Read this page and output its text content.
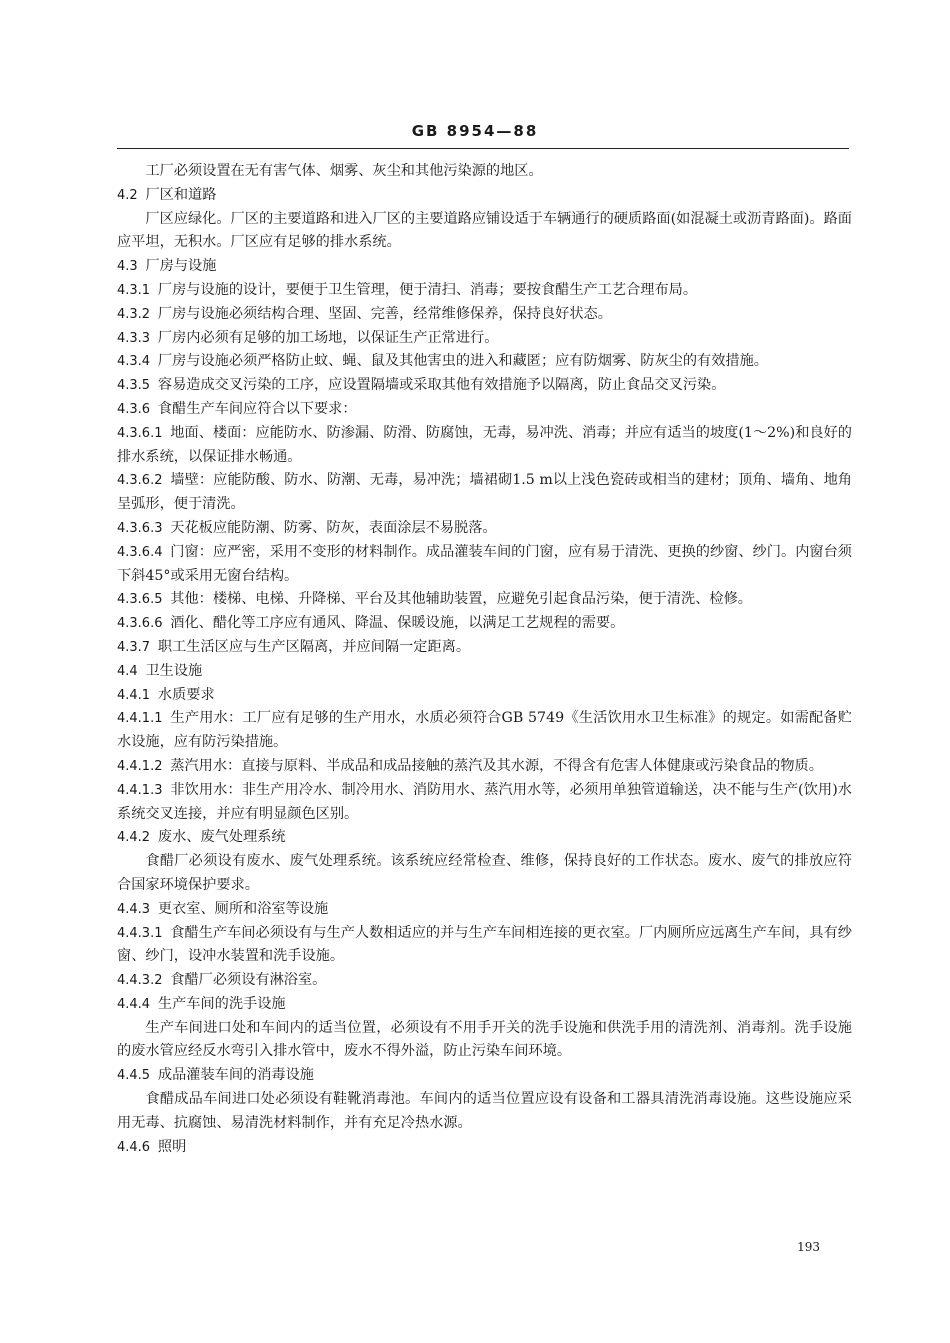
GB 8954—88

工厂必须设置在无有害气体、烟雾、灰尘和其他污染源的地区。

4.2 厂区和道路

厂区应绿化。厂区的主要道路和进入厂区的主要道路应铺设适于车辆通行的硬质路面(如混凝土或沥青路面)。路面应平坦，无积水。厂区应有足够的排水系统。

4.3 厂房与设施

4.3.1 厂房与设施的设计，要便于卫生管理，便于清扫、消毒；要按食醋生产工艺合理布局。

4.3.2 厂房与设施必须结构合理、坚固、完善，经常维修保养，保持良好状态。

4.3.3 厂房内必须有足够的加工场地，以保证生产正常进行。

4.3.4 厂房与设施必须严格防止蚊、蝇、鼠及其他害虫的进入和藏匿；应有防烟雾、防灰尘的有效措施。

4.3.5 容易造成交叉污染的工序，应设置隔墙或采取其他有效措施予以隔离，防止食品交叉污染。

4.3.6 食醋生产车间应符合以下要求：

4.3.6.1 地面、楼面：应能防水、防渗漏、防滑、防腐蚀，无毒，易冲洗、消毒；并应有适当的坡度(1～2%)和良好的排水系统，以保证排水畅通。

4.3.6.2 墙壁：应能防酸、防水、防潮、无毒，易冲洗；墙裙砌1.5 m以上浅色瓷砖或相当的建材；顶角、墙角、地角呈弧形，便于清洗。

4.3.6.3 天花板应能防潮、防雾、防灰，表面涂层不易脱落。

4.3.6.4 门窗：应严密，采用不变形的材料制作。成品灌装车间的门窗，应有易于清洗、更换的纱窗、纱门。内窗台须下斜45°或采用无窗台结构。

4.3.6.5 其他：楼梯、电梯、升降梯、平台及其他辅助装置，应避免引起食品污染，便于清洗、检修。

4.3.6.6 酒化、醋化等工序应有通风、降温、保暖设施，以满足工艺规程的需要。

4.3.7 职工生活区应与生产区隔离，并应间隔一定距离。

4.4 卫生设施

4.4.1 水质要求

4.4.1.1 生产用水：工厂应有足够的生产用水，水质必须符合GB 5749《生活饮用水卫生标准》的规定。如需配备贮水设施，应有防污染措施。

4.4.1.2 蒸汽用水：直接与原料、半成品和成品接触的蒸汽及其水源，不得含有危害人体健康或污染食品的物质。

4.4.1.3 非饮用水：非生产用冷水、制冷用水、消防用水、蒸汽用水等，必须用单独管道输送，决不能与生产(饮用)水系统交叉连接，并应有明显颜色区别。

4.4.2 废水、废气处理系统

食醋厂必须设有废水、废气处理系统。该系统应经常检查、维修，保持良好的工作状态。废水、废气的排放应符合国家环境保护要求。

4.4.3 更衣室、厕所和浴室等设施

4.4.3.1 食醋生产车间必须设有与生产人数相适应的并与生产车间相连接的更衣室。厂内厕所应远离生产车间，具有纱窗、纱门，设冲水装置和洗手设施。

4.4.3.2 食醋厂必须设有淋浴室。

4.4.4 生产车间的洗手设施

生产车间进口处和车间内的适当位置，必须设有不用手开关的洗手设施和供洗手用的清洗剂、消毒剂。洗手设施的废水管应经反水弯引入排水管中，废水不得外溢，防止污染车间环境。

4.4.5 成品灌装车间的消毒设施

食醋成品车间进口处必须设有鞋靴消毒池。车间内的适当位置应设有设备和工器具清洗消毒设施。这些设施应采用无毒、抗腐蚀、易清洗材料制作，并有充足冷热水源。

4.4.6 照明

193
